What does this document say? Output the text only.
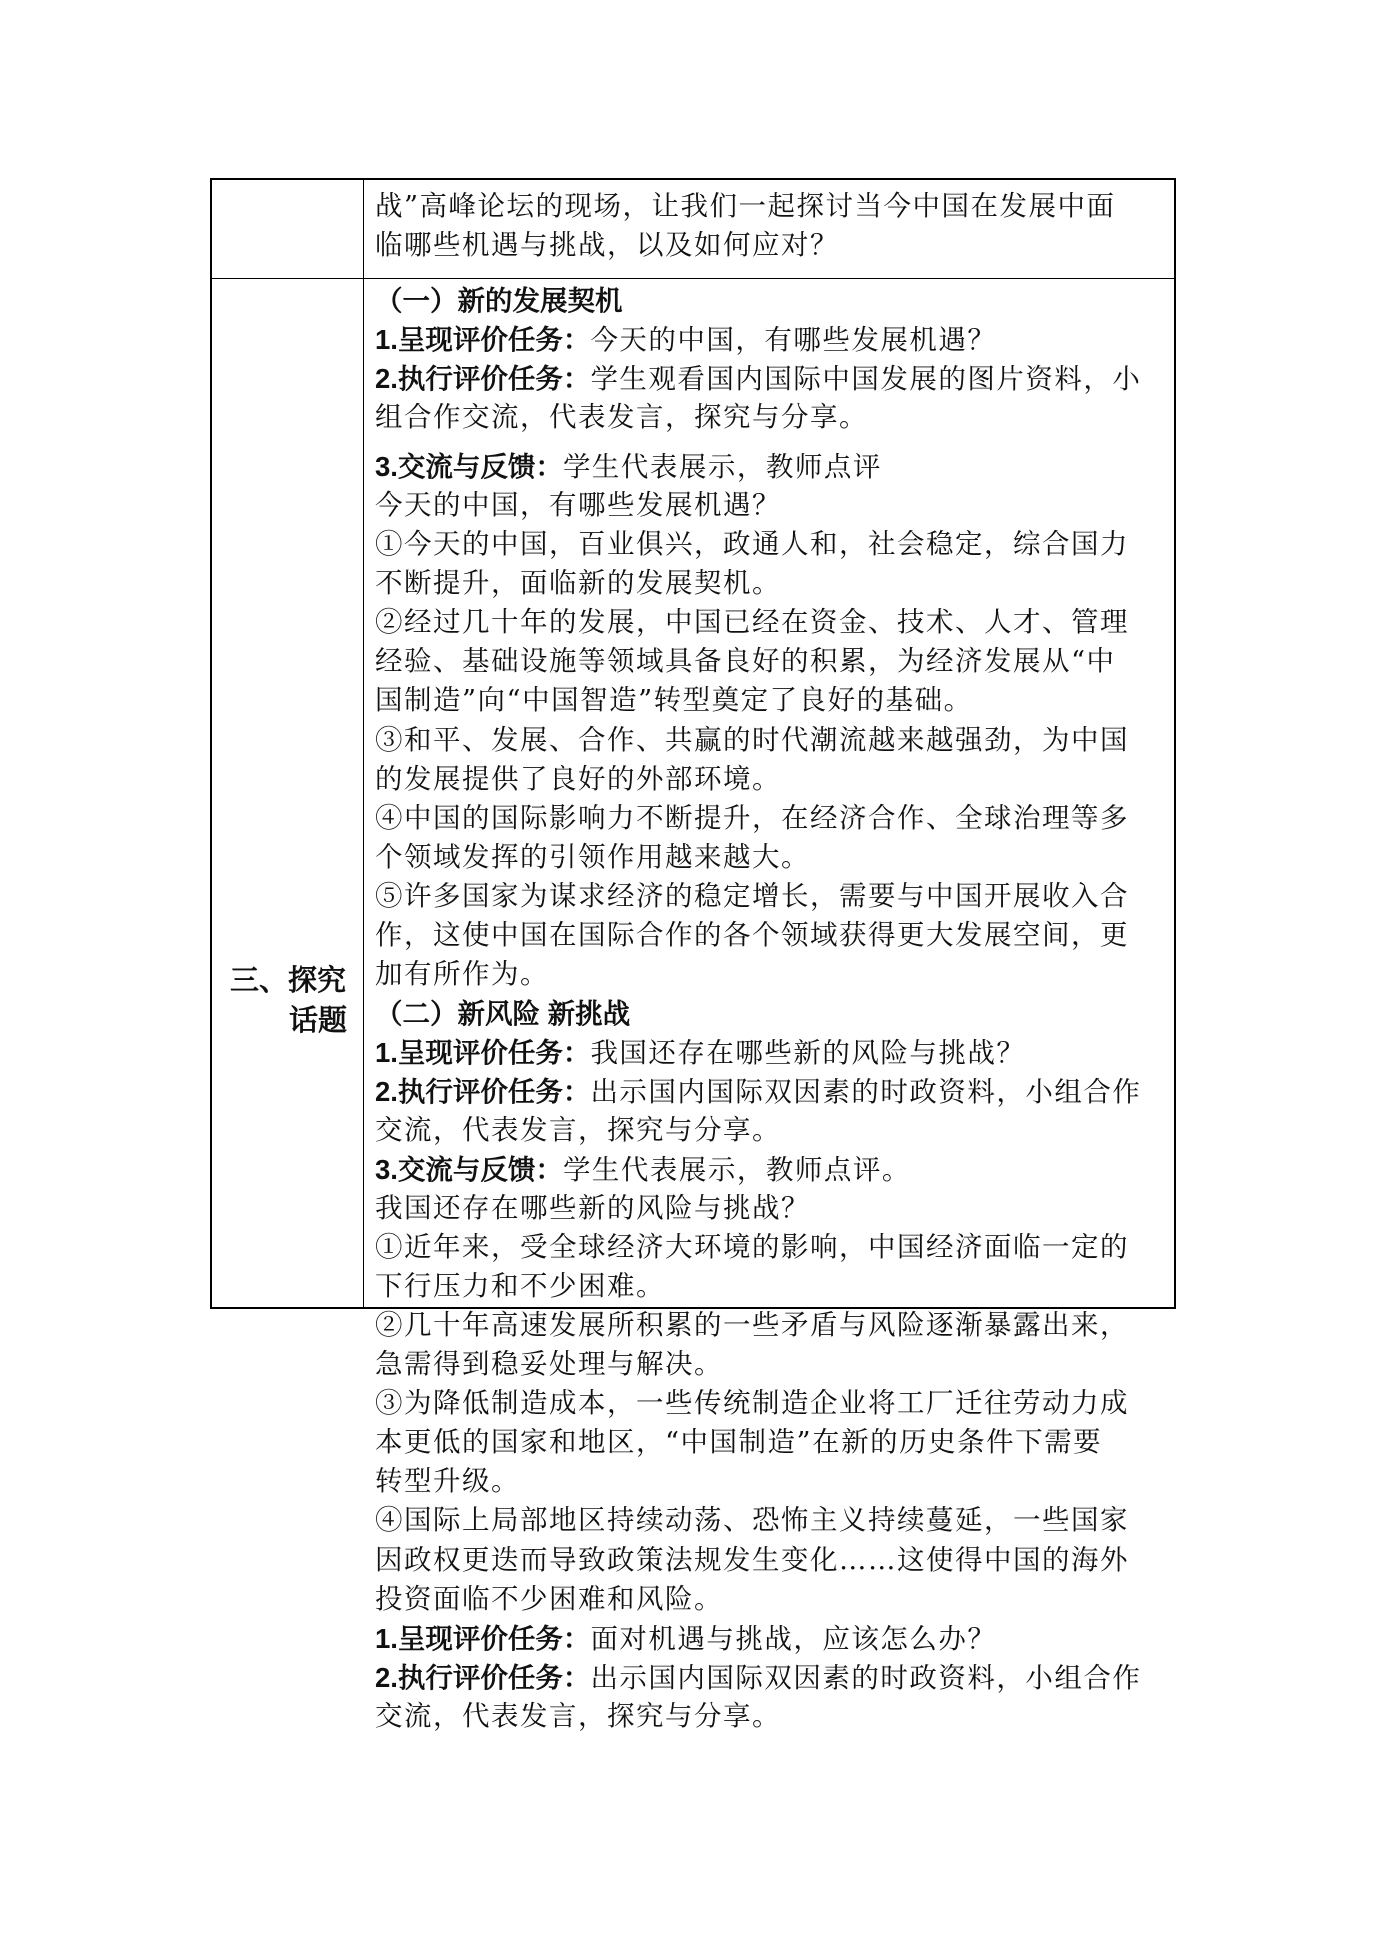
战”高峰论坛的现场，让我们一起探讨当今中国在发展中面
临哪些机遇与挑战，以及如何应对？
三、探究
话题
（一）新的发展契机
1.呈现评价任务：今天的中国，有哪些发展机遇？
2.执行评价任务：学生观看国内国际中国发展的图片资料，小
组合作交流，代表发言，探究与分享。
3.交流与反馈：学生代表展示，教师点评
今天的中国，有哪些发展机遇？
①今天的中国，百业俱兴，政通人和，社会稳定，综合国力
不断提升，面临新的发展契机。
②经过几十年的发展，中国已经在资金、技术、人才、管理
经验、基础设施等领域具备良好的积累，为经济发展从“中
国制造”向“中国智造”转型奠定了良好的基础。
③和平、发展、合作、共赢的时代潮流越来越强劲，为中国
的发展提供了良好的外部环境。
④中国的国际影响力不断提升，在经济合作、全球治理等多
个领域发挥的引领作用越来越大。
⑤许多国家为谋求经济的稳定增长，需要与中国开展收入合
作，这使中国在国际合作的各个领域获得更大发展空间，更
加有所作为。
（二）新风险 新挑战
1.呈现评价任务：我国还存在哪些新的风险与挑战？
2.执行评价任务：出示国内国际双因素的时政资料，小组合作
交流，代表发言，探究与分享。
3.交流与反馈：学生代表展示，教师点评。
我国还存在哪些新的风险与挑战？
①近年来，受全球经济大环境的影响，中国经济面临一定的
下行压力和不少困难。
②几十年高速发展所积累的一些矛盾与风险逐渐暴露出来，
急需得到稳妥处理与解决。
③为降低制造成本，一些传统制造企业将工厂迁往劳动力成
本更低的国家和地区，“中国制造”在新的历史条件下需要
转型升级。
④国际上局部地区持续动荡、恐怖主义持续蔓延，一些国家
因政权更迭而导致政策法规发生变化……这使得中国的海外
投资面临不少困难和风险。
1.呈现评价任务：面对机遇与挑战，应该怎么办？
2.执行评价任务：出示国内国际双因素的时政资料，小组合作
交流，代表发言，探究与分享。
